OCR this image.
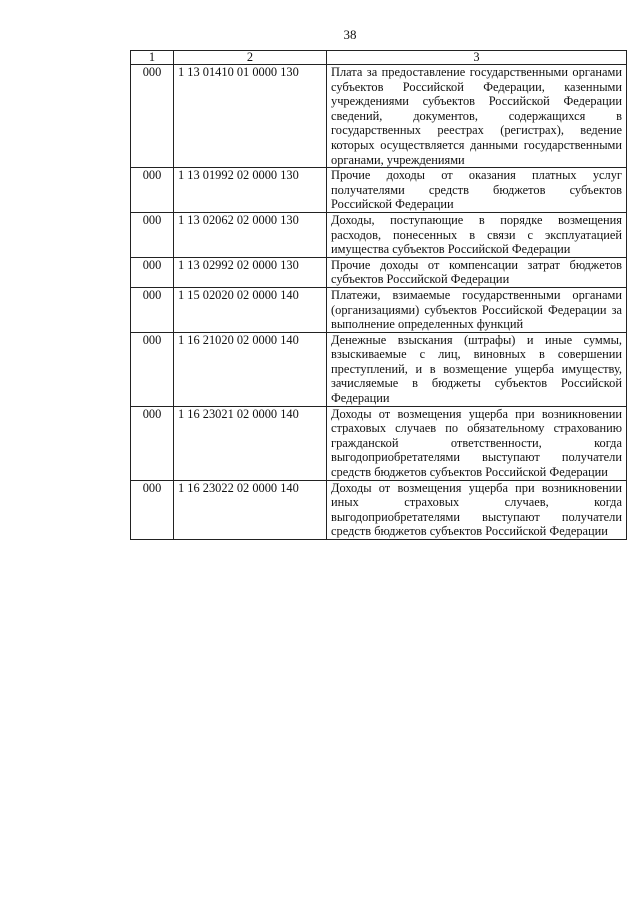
38
1	2	3
000	1 13 01410 01 0000 130	Плата за предоставление государственными органами субъектов Российской Федерации, казенными учреждениями субъектов Российской Федерации сведений, документов, содержащихся в государственных реестрах (регистрах), ведение которых осуществляется данными государственными органами, учреждениями
000	1 13 01992 02 0000 130	Прочие доходы от оказания платных услуг получателями средств бюджетов субъектов Российской Федерации
000	1 13 02062 02 0000 130	Доходы, поступающие в порядке возмещения расходов, понесенных в связи с эксплуатацией имущества субъектов Российской Федерации
000	1 13 02992 02 0000 130	Прочие доходы от компенсации затрат бюджетов субъектов Российской Федерации
000	1 15 02020 02 0000 140	Платежи, взимаемые государственными органами (организациями) субъектов Российской Федерации за выполнение определенных функций
000	1 16 21020 02 0000 140	Денежные взыскания (штрафы) и иные суммы, взыскиваемые с лиц, виновных в совершении преступлений, и в возмещение ущерба имуществу, зачисляемые в бюджеты субъектов Российской Федерации
000	1 16 23021 02 0000 140	Доходы от возмещения ущерба при возникновении страховых случаев по обязательному страхованию гражданской ответственности, когда выгодоприобретателями выступают получатели средств бюджетов субъектов Российской Федерации
000	1 16 23022 02 0000 140	Доходы от возмещения ущерба при возникновении иных страховых случаев, когда выгодоприобретателями выступают получатели средств бюджетов субъектов Российской Федерации
